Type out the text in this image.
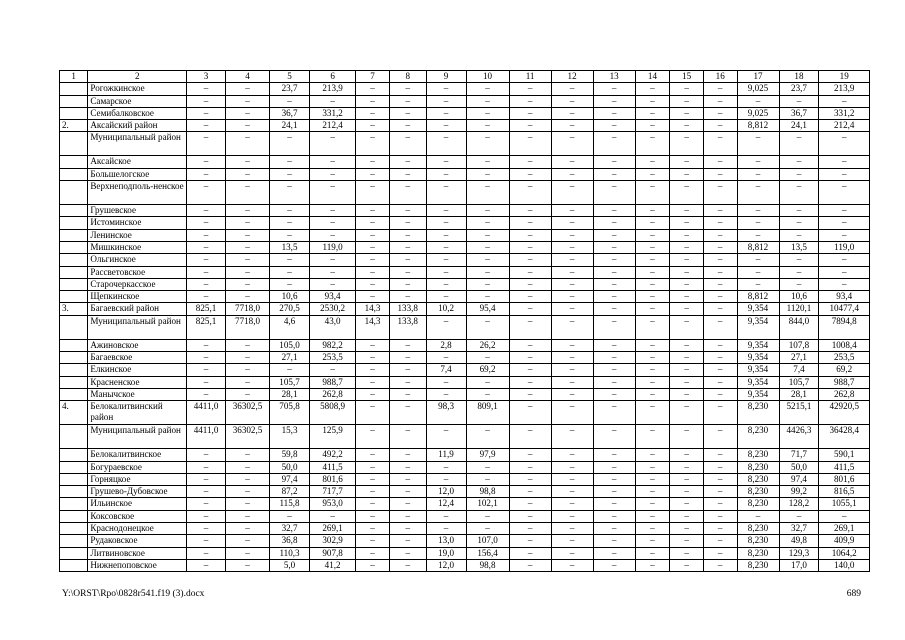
1	2	3	4	5	6	7	8	9	10	11	12	13	14	15	16	17	18	19
	Рогожкинское	–	–	23,7	213,9	–	–	–	–	–	–	–	–	–	–	9,025	23,7	213,9
	Самарское	–	–	–	–	–	–	–	–	–	–	–	–	–	–	–	–	–
	Семибалковское	–	–	36,7	331,2	–	–	–	–	–	–	–	–	–	–	9,025	36,7	331,2
2.	Аксайский район	–	–	24,1	212,4	–	–	–	–	–	–	–	–	–	–	8,812	24,1	212,4
	Муниципальный район	–	–	–	–	–	–	–	–	–	–	–	–	–	–	–	–	–
	Аксайское	–	–	–	–	–	–	–	–	–	–	–	–	–	–	–	–	–
	Большелогское	–	–	–	–	–	–	–	–	–	–	–	–	–	–	–	–	–
	Верхнеподполь-ненское	–	–	–	–	–	–	–	–	–	–	–	–	–	–	–	–	–
	Грушевское	–	–	–	–	–	–	–	–	–	–	–	–	–	–	–	–	–
	Истоминское	–	–	–	–	–	–	–	–	–	–	–	–	–	–	–	–	–
	Ленинское	–	–	–	–	–	–	–	–	–	–	–	–	–	–	–	–	–
	Мишкинское	–	–	13,5	119,0	–	–	–	–	–	–	–	–	–	–	8,812	13,5	119,0
	Ольгинское	–	–	–	–	–	–	–	–	–	–	–	–	–	–	–	–	–
	Рассветовское	–	–	–	–	–	–	–	–	–	–	–	–	–	–	–	–	–
	Старочеркасское	–	–	–	–	–	–	–	–	–	–	–	–	–	–	–	–	–
	Щепкинское	–	–	10,6	93,4	–	–	–	–	–	–	–	–	–	–	8,812	10,6	93,4
3.	Багаевский район	825,1	7718,0	270,5	2530,2	14,3	133,8	10,2	95,4	–	–	–	–	–	–	9,354	1120,1	10477,4
	Муниципальный район	825,1	7718,0	4,6	43,0	14,3	133,8	–	–	–	–	–	–	–	–	9,354	844,0	7894,8
	Ажиновское	–	–	105,0	982,2	–	–	2,8	26,2	–	–	–	–	–	–	9,354	107,8	1008,4
	Багаевское	–	–	27,1	253,5	–	–	–	–	–	–	–	–	–	–	9,354	27,1	253,5
	Елкинское	–	–	–	–	–	–	7,4	69,2	–	–	–	–	–	–	9,354	7,4	69,2
	Красненское	–	–	105,7	988,7	–	–	–	–	–	–	–	–	–	–	9,354	105,7	988,7
	Манычское	–	–	28,1	262,8	–	–	–	–	–	–	–	–	–	–	9,354	28,1	262,8
4.	Белокалитвинский район	4411,0	36302,5	705,8	5808,9	–	–	98,3	809,1	–	–	–	–	–	–	8,230	5215,1	42920,5
	Муниципальный район	4411,0	36302,5	15,3	125,9	–	–	–	–	–	–	–	–	–	–	8,230	4426,3	36428,4
	Белокалитвинское	–	–	59,8	492,2	–	–	11,9	97,9	–	–	–	–	–	–	8,230	71,7	590,1
	Богураевское	–	–	50,0	411,5	–	–	–	–	–	–	–	–	–	–	8,230	50,0	411,5
	Горняцкое	–	–	97,4	801,6	–	–	–	–	–	–	–	–	–	–	8,230	97,4	801,6
	Грушево-Дубовское	–	–	87,2	717,7	–	–	12,0	98,8	–	–	–	–	–	–	8,230	99,2	816,5
	Ильинское	–	–	115,8	953,0	–	–	12,4	102,1	–	–	–	–	–	–	8,230	128,2	1055,1
	Коксовское	–	–	–	–	–	–	–	–	–	–	–	–	–	–	–	–	–
	Краснодонецкое	–	–	32,7	269,1	–	–	–	–	–	–	–	–	–	–	8,230	32,7	269,1
	Рудаковское	–	–	36,8	302,9	–	–	13,0	107,0	–	–	–	–	–	–	8,230	49,8	409,9
	Литвиновское	–	–	110,3	907,8	–	–	19,0	156,4	–	–	–	–	–	–	8,230	129,3	1064,2
	Нижнепоповское	–	–	5,0	41,2	–	–	12,0	98,8	–	–	–	–	–	–	8,230	17,0	140,0
Y:\ORST\Rpo\0828r541.f19 (3).docx	689
